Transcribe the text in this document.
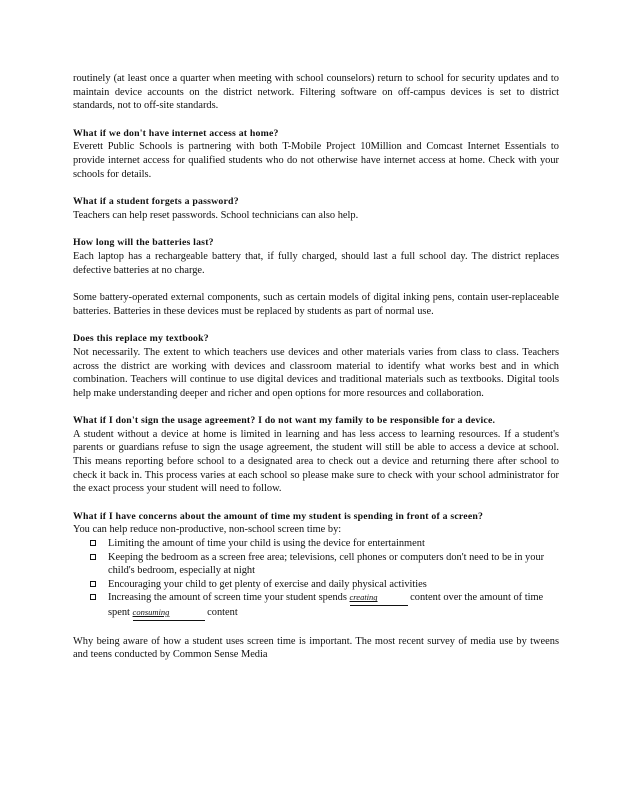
routinely (at least once a quarter when meeting with school counselors) return to school for security updates and to maintain device accounts on the district network. Filtering software on off-campus devices is set to district standards, not to off-site standards.

What if we don't have internet access at home?

Everett Public Schools is partnering with both T-Mobile Project 10Million and Comcast Internet Essentials to provide internet access for qualified students who do not otherwise have internet access at home. Check with your schools for details.

What if a student forgets a password?

Teachers can help reset passwords. School technicians can also help.

How long will the batteries last?

Each laptop has a rechargeable battery that, if fully charged, should last a full school day. The district replaces defective batteries at no charge.

Some battery-operated external components, such as certain models of digital inking pens, contain user-replaceable batteries. Batteries in these devices must be replaced by students as part of normal use.

Does this replace my textbook?

Not necessarily. The extent to which teachers use devices and other materials varies from class to class. Teachers across the district are working with devices and classroom material to identify what works best and in which combination. Teachers will continue to use digital devices and traditional materials such as textbooks. Digital tools help make understanding deeper and richer and open options for more resources and collaboration.

What if I don't sign the usage agreement? I do not want my family to be responsible for a device.

A student without a device at home is limited in learning and has less access to learning resources. If a student's parents or guardians refuse to sign the usage agreement, the student will still be able to access a device at school. This means reporting before school to a designated area to check out a device and returning there after school to check it back in. This process varies at each school so please make sure to check with your school administrator for the exact process your student will need to follow.

What if I have concerns about the amount of time my student is spending in front of a screen?

You can help reduce non-productive, non-school screen time by:

Limiting the amount of time your child is using the device for entertainment
Keeping the bedroom as a screen free area; televisions, cell phones or computers don't need to be in your child's bedroom, especially at night
Encouraging your child to get plenty of exercise and daily physical activities
Increasing the amount of screen time your student spends creating	content over the amount of time spent consuming	content

Why being aware of how a student uses screen time is important. The most recent survey of media use by tweens and teens conducted by Common Sense Media
